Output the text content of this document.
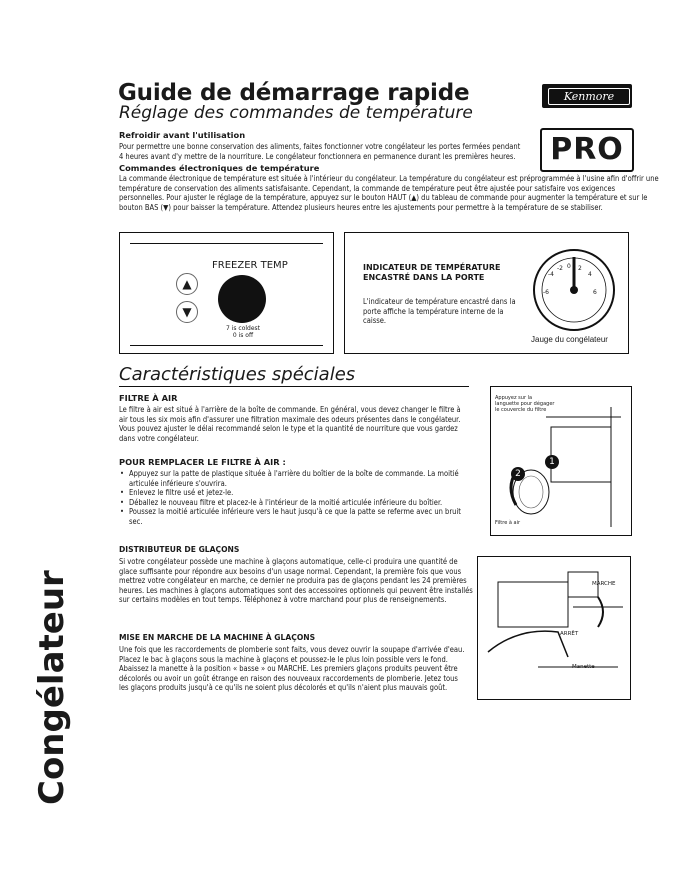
Guide de démarrage rapide
Réglage des commandes de température
Kenmore
PRO
Refroidir avant l'utilisation
Pour permettre une bonne conservation des aliments, faites fonctionner votre congélateur les portes fermées pendant 4 heures avant d'y mettre de la nourriture. Le congélateur fonctionnera en permanence durant les premières heures.
Commandes électroniques de température
La commande électronique de température est située à l'intérieur du congélateur. La température du congélateur est préprogrammée à l'usine afin d'offrir une température de conservation des aliments satisfaisante. Cependant, la commande de température peut être ajustée pour satisfaire vos exigences personnelles. Pour ajuster le réglage de la température, appuyez sur le bouton HAUT (▲) du tableau de commande pour augmenter la température et sur le bouton BAS (▼) pour baisser la température. Attendez plusieurs heures entre les ajustements pour permettre à la température de se stabiliser.
FREEZER TEMP
▲
▼
7 is coldest
0 is off
INDICATEUR DE TEMPÉRATURE
ENCASTRÉ DANS LA PORTE
L'indicateur de température encastré dans la porte affiche la température interne de la caisse.
0
-4
-2	2
4
-6	6
Jauge du congélateur
Caractéristiques spéciales
FILTRE À AIR
Le filtre à air est situé à l'arrière de la boîte de commande. En général, vous devez changer le filtre à air tous les six mois afin d'assurer une filtration maximale des odeurs présentes dans le congélateur. Vous pouvez ajuster le délai recommandé selon le type et la quantité de nourriture que vous gardez dans votre congélateur.
Appuyez sur la languette pour dégager le couvercle du filtre
Filtre à air
1
2
POUR REMPLACER LE FILTRE À AIR :
• Appuyez sur la patte de plastique située à l'arrière du boîtier de la boîte de commande. La moitié articulée inférieure s'ouvrira.
• Enlevez le filtre usé et jetez-le.
• Déballez le nouveau filtre et placez-le à l'intérieur de la moitié articulée inférieure du boîtier.
• Poussez la moitié articulée inférieure vers le haut jusqu'à ce que la patte se referme avec un bruit sec.
DISTRIBUTEUR DE GLAÇONS
Si votre congélateur possède une machine à glaçons automatique, celle-ci produira une quantité de glace suffisante pour répondre aux besoins d'un usage normal. Cependant, la première fois que vous mettrez votre congélateur en marche, ce dernier ne produira pas de glaçons pendant les 24 premières heures. Les machines à glaçons automatiques sont des accessoires optionnels qui peuvent être installés sur certains modèles en tout temps. Téléphonez à votre marchand pour plus de renseignements.
MARCHE
ARRÊT
Manette
MISE EN MARCHE DE LA MACHINE À GLAÇONS
Une fois que les raccordements de plomberie sont faits, vous devez ouvrir la soupape d'arrivée d'eau. Placez le bac à glaçons sous la machine à glaçons et poussez-le le plus loin possible vers le fond. Abaissez la manette à la position « basse » ou MARCHE. Les premiers glaçons produits peuvent être décolorés ou avoir un goût étrange en raison des nouveaux raccordements de plomberie. Jetez tous les glaçons produits jusqu'à ce qu'ils ne soient plus décolorés et qu'ils n'aient plus mauvais goût.
Congélateur
